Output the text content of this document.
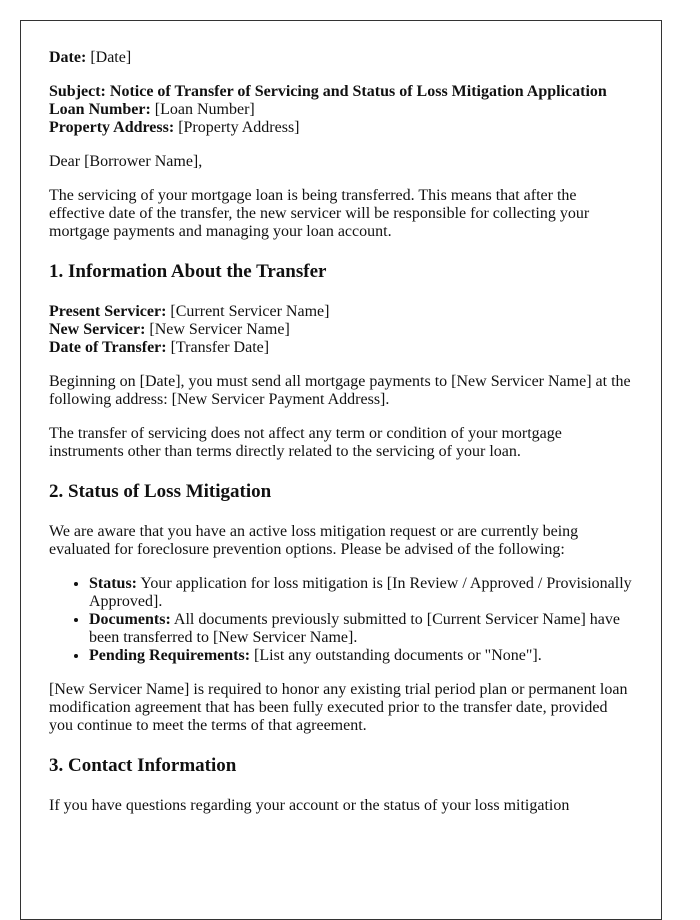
Date: [Date]

Subject: Notice of Transfer of Servicing and Status of Loss Mitigation Application

Loan Number: [Loan Number]

Property Address: [Property Address]

Dear [Borrower Name],

The servicing of your mortgage loan is being transferred. This means that after the effective date of the transfer, the new servicer will be responsible for collecting your mortgage payments and managing your loan account.

1. Information About the Transfer

Present Servicer: [Current Servicer Name]

New Servicer: [New Servicer Name]

Date of Transfer: [Transfer Date]

Beginning on [Date], you must send all mortgage payments to [New Servicer Name] at the following address: [New Servicer Payment Address].

The transfer of servicing does not affect any term or condition of your mortgage instruments other than terms directly related to the servicing of your loan.

2. Status of Loss Mitigation

We are aware that you have an active loss mitigation request or are currently being evaluated for foreclosure prevention options. Please be advised of the following:

• Status: Your application for loss mitigation is [In Review / Approved / Provisionally Approved].
• Documents: All documents previously submitted to [Current Servicer Name] have been transferred to [New Servicer Name].
• Pending Requirements: [List any outstanding documents or "None"].

[New Servicer Name] is required to honor any existing trial period plan or permanent loan modification agreement that has been fully executed prior to the transfer date, provided you continue to meet the terms of that agreement.

3. Contact Information

If you have questions regarding your account or the status of your loss mitigation
